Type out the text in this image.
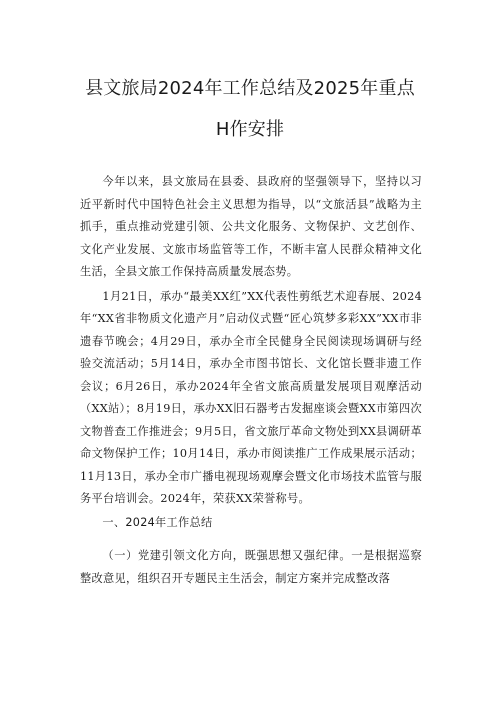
县文旅局2024年工作总结及2025年重点
H作安排

今年以来，县文旅局在县委、县政府的坚强领导下，坚持以习近平新时代中国特色社会主义思想为指导，以“文旅活县”战略为主抓手，重点推动党建引领、公共文化服务、文物保护、文艺创作、文化产业发展、文旅市场监管等工作，不断丰富人民群众精神文化生活，全县文旅工作保持高质量发展态势。

1月21日，承办“最美XX红”XX代表性剪纸艺术迎春展、2024年“XX省非物质文化遗产月”启动仪式暨“匠心筑梦多彩XX”XX市非遗春节晚会；4月29日，承办全市全民健身全民阅读现场调研与经验交流活动；5月14日，承办全市图书馆长、文化馆长暨非遗工作会议；6月26日，承办2024年全省文旅高质量发展项目观摩活动（XX站）；8月19日，承办XX旧石器考古发掘座谈会暨XX市第四次文物普查工作推进会；9月5日，省文旅厅革命文物处到XX县调研革命文物保护工作；10月14日，承办市阅读推广工作成果展示活动；11月13日，承办全市广播电视现场观摩会暨文化市场技术监管与服务平台培训会。2024年，荣获XX荣誉称号。

一、2024年工作总结

（一）党建引领文化方向，既强思想又强纪律。一是根据巡察整改意见，组织召开专题民主生活会，制定方案并完成整改落
